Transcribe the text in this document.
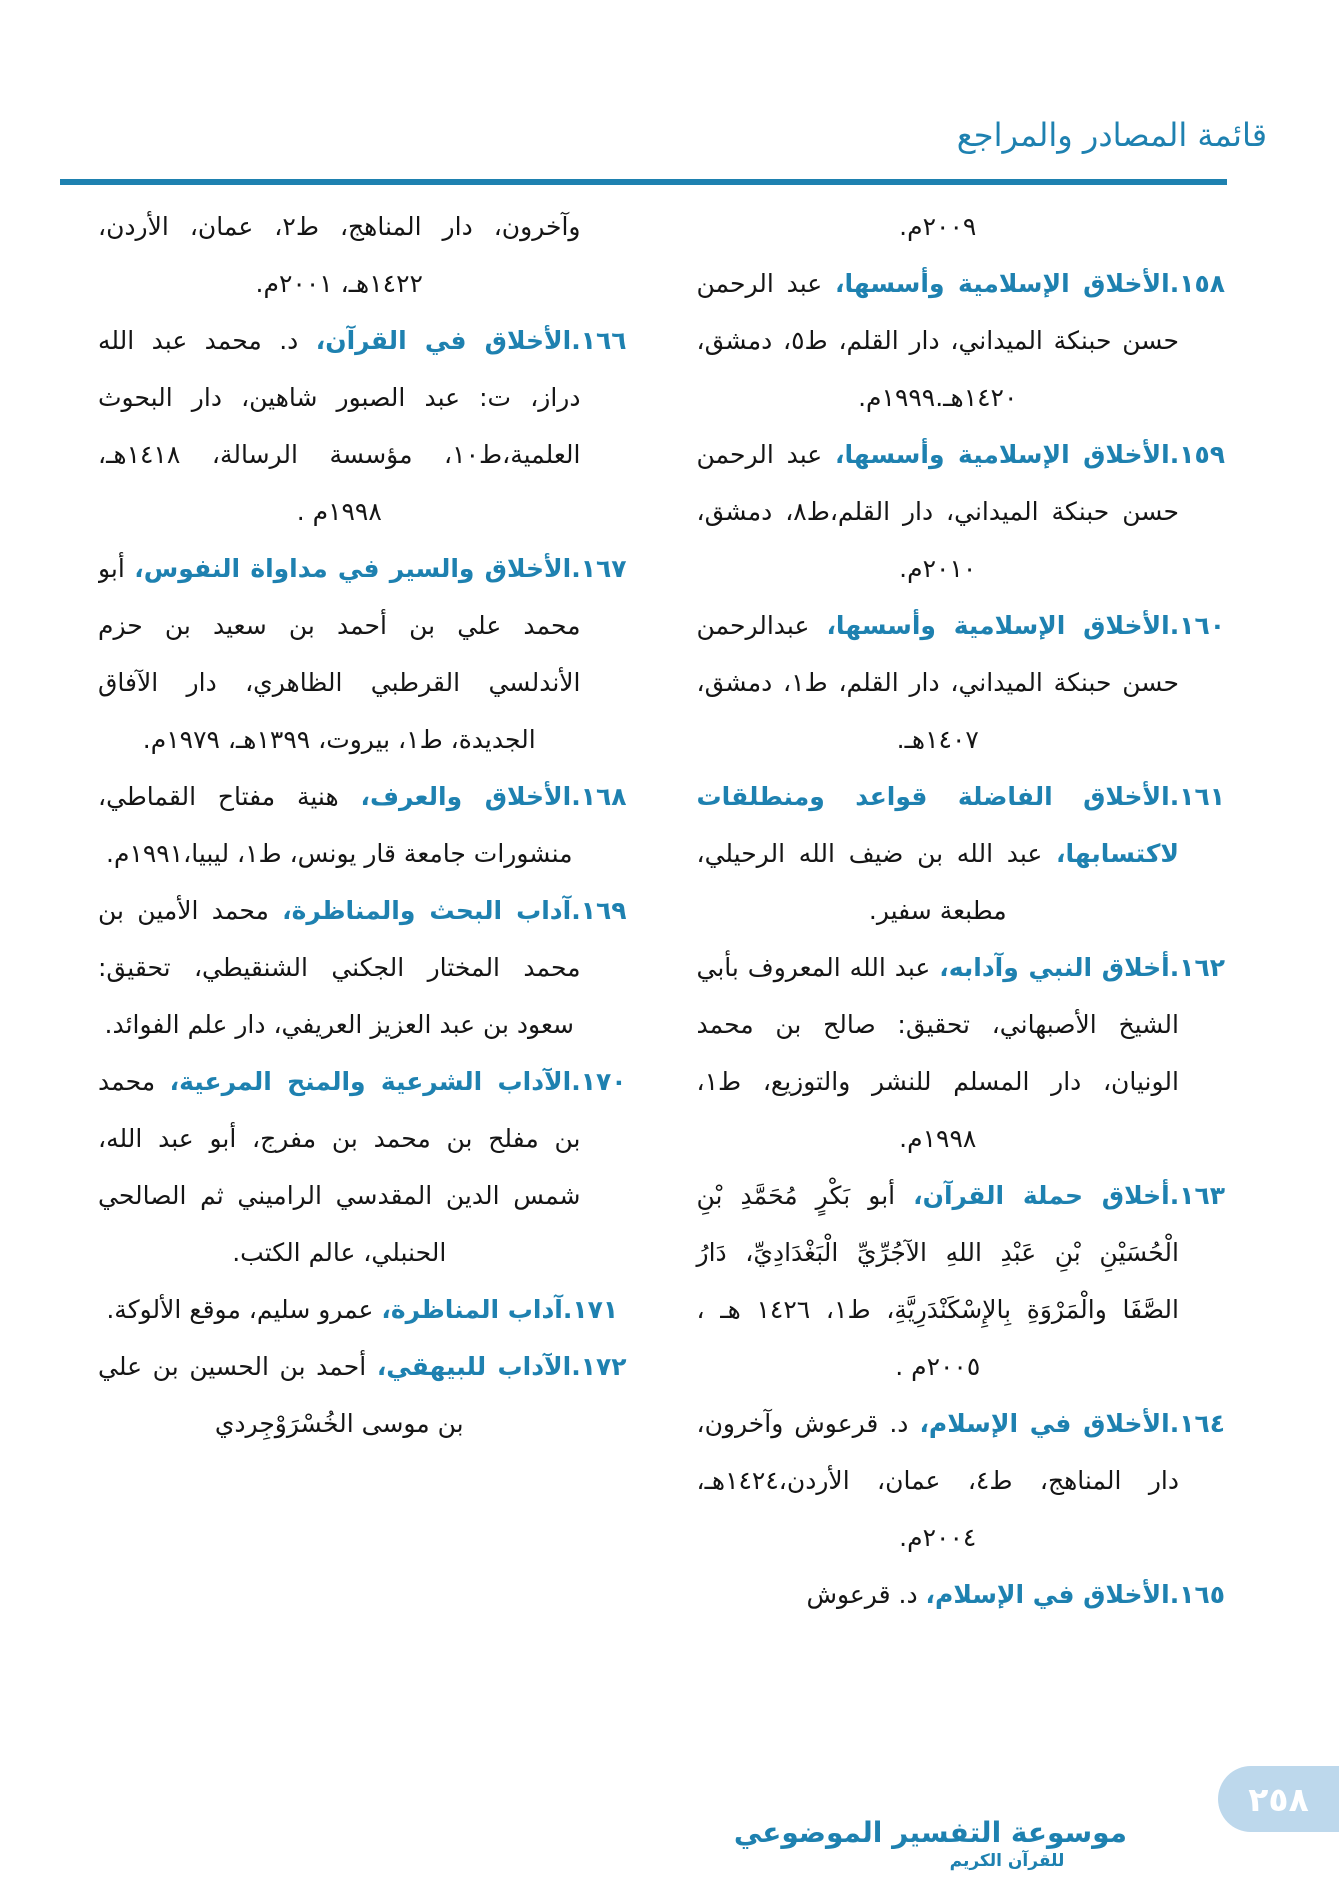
قائمة المصادر والمراجع

٢٠٠٩م.

١٥٨.الأخلاق الإسلامية وأسسها، عبد الرحمن حسن حبنكة الميداني، دار القلم، ط٥، دمشق، ١٤٢٠هـ.١٩٩٩م.

١٥٩.الأخلاق الإسلامية وأسسها، عبد الرحمن حسن حبنكة الميداني، دار القلم،ط٨، دمشق، ٢٠١٠م.

١٦٠.الأخلاق الإسلامية وأسسها، عبدالرحمن حسن حبنكة الميداني، دار القلم، ط١، دمشق، ١٤٠٧هـ.

١٦١.الأخلاق الفاضلة قواعد ومنطلقات لاكتسابها، عبد الله بن ضيف الله الرحيلي، مطبعة سفير.

١٦٢.أخلاق النبي وآدابه، عبد الله المعروف بأبي الشيخ الأصبهاني، تحقيق: صالح بن محمد الونيان، دار المسلم للنشر والتوزيع، ط١، ١٩٩٨م.

١٦٣.أخلاق حملة القرآن، أبو بَكْرٍ مُحَمَّدِ بْنِ الْحُسَيْنِ بْنِ عَبْدِ اللهِ الآجُرِّيِّ الْبَغْدَادِيِّ، دَارُ الصَّفَا والْمَرْوَةِ بِالإِسْكَنْدَرِيَّةِ، ط١، ١٤٢٦ هـ ، ٢٠٠٥م .

١٦٤.الأخلاق في الإسلام، د. قرعوش وآخرون، دار المناهج، ط٤، عمان، الأردن،١٤٢٤هـ، ٢٠٠٤م.

١٦٥.الأخلاق في الإسلام، د. قرعوش

وآخرون، دار المناهج، ط٢، عمان، الأردن، ١٤٢٢هـ، ٢٠٠١م.

١٦٦.الأخلاق في القرآن، د. محمد عبد الله دراز، ت: عبد الصبور شاهين، دار البحوث العلمية،ط١٠، مؤسسة الرسالة، ١٤١٨هـ، ١٩٩٨م .

١٦٧.الأخلاق والسير في مداواة النفوس، أبو محمد علي بن أحمد بن سعيد بن حزم الأندلسي القرطبي الظاهري، دار الآفاق الجديدة، ط١، بيروت، ١٣٩٩هـ، ١٩٧٩م.

١٦٨.الأخلاق والعرف، هنية مفتاح القماطي، منشورات جامعة قار يونس، ط١، ليبيا،١٩٩١م.

١٦٩.آداب البحث والمناظرة، محمد الأمين بن محمد المختار الجكني الشنقيطي، تحقيق: سعود بن عبد العزيز العريفي، دار علم الفوائد.

١٧٠.الآداب الشرعية والمنح المرعية، محمد بن مفلح بن محمد بن مفرج، أبو عبد الله، شمس الدين المقدسي الراميني ثم الصالحي الحنبلي، عالم الكتب.

١٧١.آداب المناظرة، عمرو سليم، موقع الألوكة.

١٧٢.الآداب للبيهقي، أحمد بن الحسين بن علي بن موسى الخُسْرَوْجِردي

موسوعة التفسير الموضوعي
للقرآن الكريم
٢٥٨
